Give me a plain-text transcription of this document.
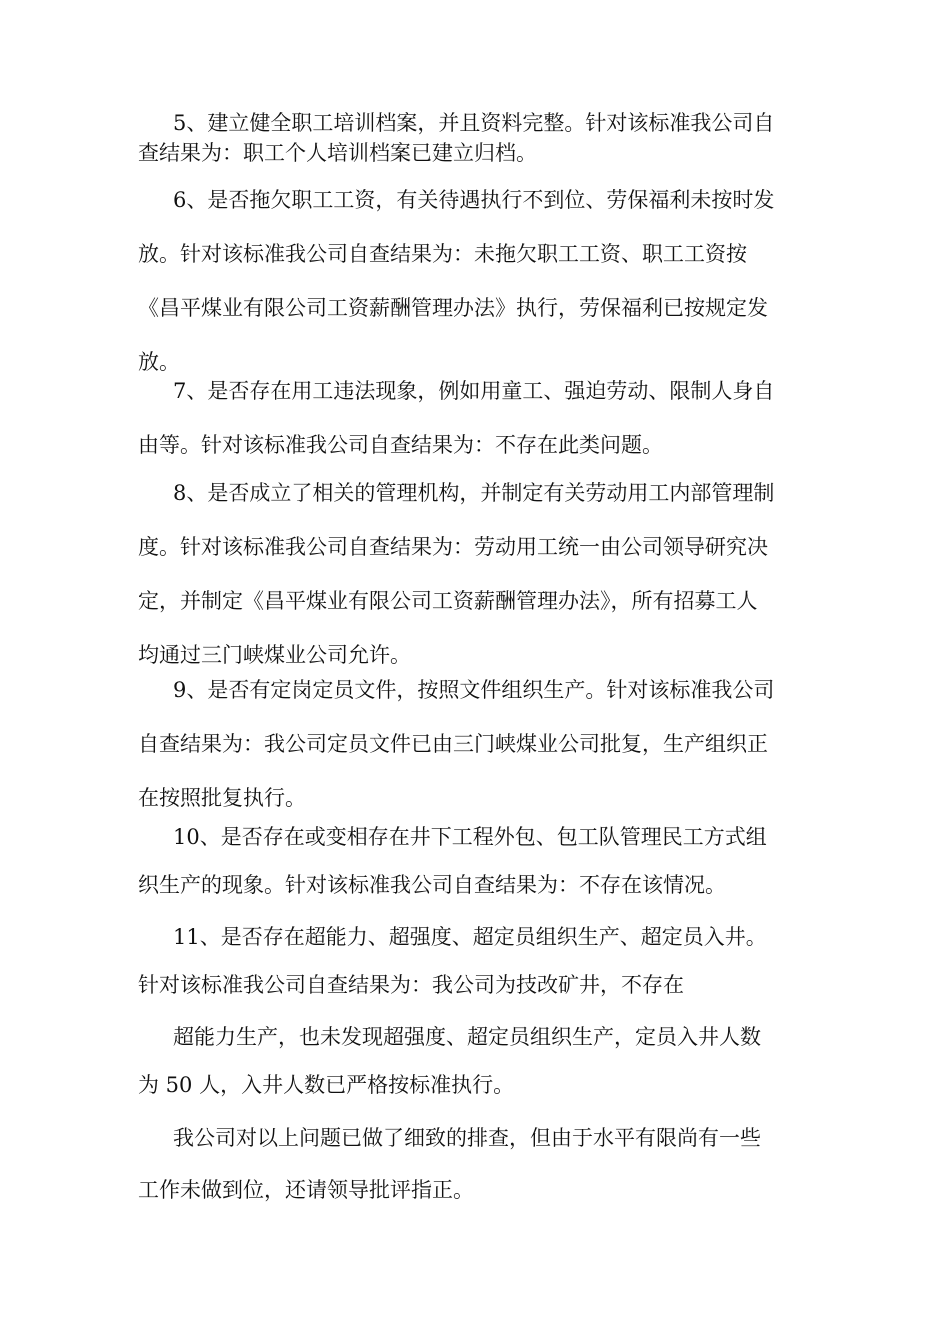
5、建立健全职工培训档案，并且资料完整。针对该标准我公司自
查结果为：职工个人培训档案已建立归档。
6、是否拖欠职工工资，有关待遇执行不到位、劳保福利未按时发
放。针对该标准我公司自查结果为：未拖欠职工工资、职工工资按
《昌平煤业有限公司工资薪酬管理办法》执行，劳保福利已按规定发
放。
7、是否存在用工违法现象，例如用童工、强迫劳动、限制人身自
由等。针对该标准我公司自查结果为：不存在此类问题。
8、是否成立了相关的管理机构，并制定有关劳动用工内部管理制
度。针对该标准我公司自查结果为：劳动用工统一由公司领导研究决
定，并制定《昌平煤业有限公司工资薪酬管理办法》，所有招募工人
均通过三门峡煤业公司允许。
9、是否有定岗定员文件，按照文件组织生产。针对该标准我公司
自查结果为：我公司定员文件已由三门峡煤业公司批复，生产组织正
在按照批复执行。
10、是否存在或变相存在井下工程外包、包工队管理民工方式组
织生产的现象。针对该标准我公司自查结果为：不存在该情况。
11、是否存在超能力、超强度、超定员组织生产、超定员入井。
针对该标准我公司自查结果为：我公司为技改矿井，不存在
超能力生产，也未发现超强度、超定员组织生产，定员入井人数
为 50 人，入井人数已严格按标准执行。
我公司对以上问题已做了细致的排查，但由于水平有限尚有一些
工作未做到位，还请领导批评指正。
